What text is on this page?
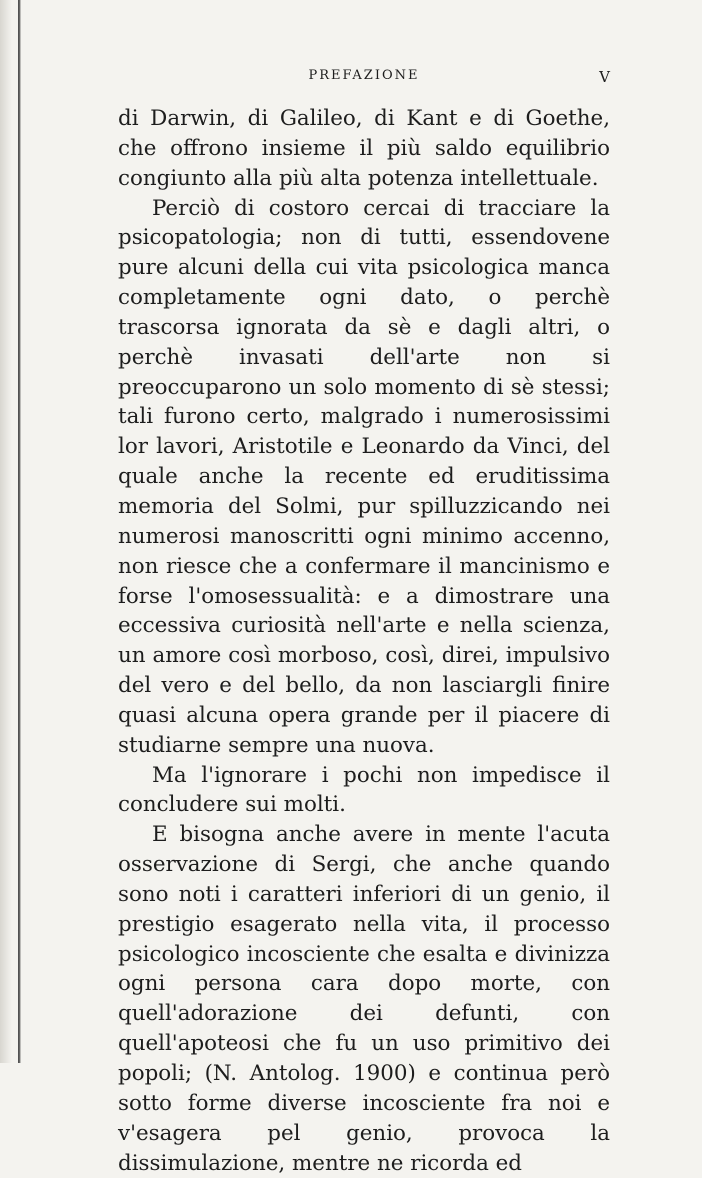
PREFAZIONE	V

di Darwin, di Galileo, di Kant e di Goethe, che offrono insieme il più saldo equilibrio congiunto alla più alta potenza intellettuale.

Perciò di costoro cercai di tracciare la psicopatologia; non di tutti, essendovene pure alcuni della cui vita psicologica manca completamente ogni dato, o perchè trascorsa ignorata da sè e dagli altri, o perchè invasati dell'arte non si preoccuparono un solo momento di sè stessi; tali furono certo, malgrado i numerosissimi lor lavori, Aristotile e Leonardo da Vinci, del quale anche la recente ed eruditissima memoria del Solmi, pur spilluzzicando nei numerosi manoscritti ogni minimo accenno, non riesce che a confermare il mancinismo e forse l'omosessualità: e a dimostrare una eccessiva curiosità nell'arte e nella scienza, un amore così morboso, così, direi, impulsivo del vero e del bello, da non lasciargli finire quasi alcuna opera grande per il piacere di studiarne sempre una nuova.

Ma l'ignorare i pochi non impedisce il concludere sui molti.

E bisogna anche avere in mente l'acuta osservazione di Sergi, che anche quando sono noti i caratteri inferiori di un genio, il prestigio esagerato nella vita, il processo psicologico incosciente che esalta e divinizza ogni persona cara dopo morte, con quell'adorazione dei defunti, con quell'apoteosi che fu un uso primitivo dei popoli; (N. Antolog. 1900) e continua però sotto forme diverse incosciente fra noi e v'esagera pel genio, provoca la dissimulazione, mentre ne ricorda ed
